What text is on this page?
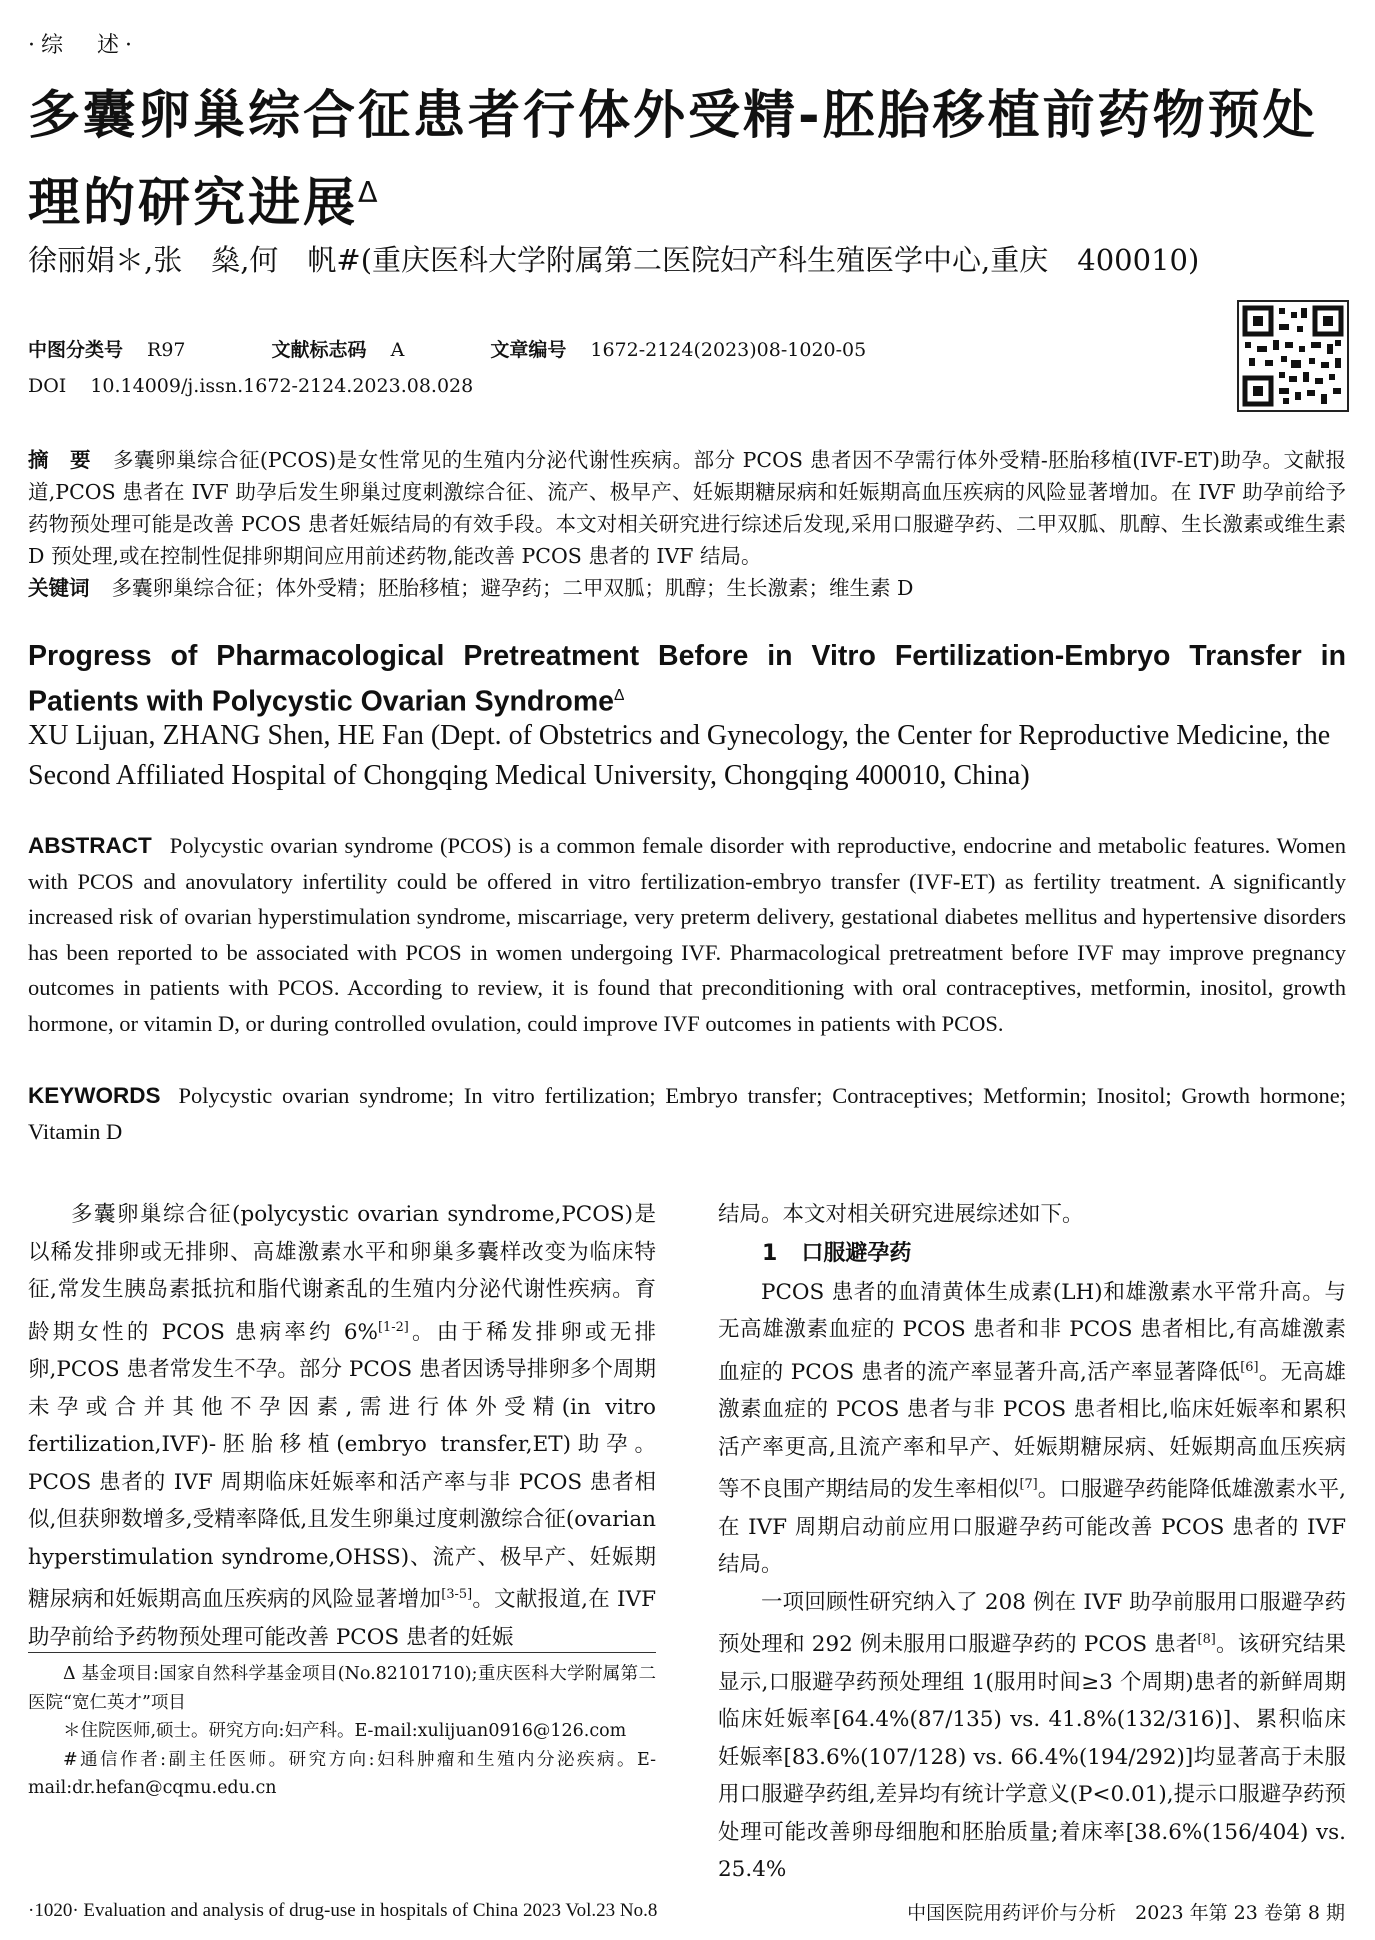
·综　述·
多囊卵巢综合征患者行体外受精-胚胎移植前药物预处理的研究进展$^\Delta$
徐丽娟＊,张　燊,何　帆#(重庆医科大学附属第二医院妇产科生殖医学中心,重庆　400010)
中图分类号 R97	文献标志码 A	文章编号 1672-2124(2023)08-1020-05
DOI 10.14009/j.issn.1672-2124.2023.08.028
摘　要 多囊卵巢综合征(PCOS)是女性常见的生殖内分泌代谢性疾病。部分 PCOS 患者因不孕需行体外受精-胚胎移植(IVF-ET)助孕。文献报道,PCOS 患者在 IVF 助孕后发生卵巢过度刺激综合征、流产、极早产、妊娠期糖尿病和妊娠期高血压疾病的风险显著增加。在 IVF 助孕前给予药物预处理可能是改善 PCOS 患者妊娠结局的有效手段。本文对相关研究进行综述后发现,采用口服避孕药、二甲双胍、肌醇、生长激素或维生素 D 预处理,或在控制性促排卵期间应用前述药物,能改善 PCOS 患者的 IVF 结局。
关键词 多囊卵巢综合征；体外受精；胚胎移植；避孕药；二甲双胍；肌醇；生长激素；维生素 D
Progress of Pharmacological Pretreatment Before in Vitro Fertilization-Embryo Transfer in Patients with Polycystic Ovarian Syndrome$^\Delta$
XU Lijuan, ZHANG Shen, HE Fan (Dept. of Obstetrics and Gynecology, the Center for Reproductive Medicine, the Second Affiliated Hospital of Chongqing Medical University, Chongqing 400010, China)
ABSTRACT Polycystic ovarian syndrome (PCOS) is a common female disorder with reproductive, endocrine and metabolic features. Women with PCOS and anovulatory infertility could be offered in vitro fertilization-embryo transfer (IVF-ET) as fertility treatment. A significantly increased risk of ovarian hyperstimulation syndrome, miscarriage, very preterm delivery, gestational diabetes mellitus and hypertensive disorders has been reported to be associated with PCOS in women undergoing IVF. Pharmacological pretreatment before IVF may improve pregnancy outcomes in patients with PCOS. According to review, it is found that preconditioning with oral contraceptives, metformin, inositol, growth hormone, or vitamin D, or during controlled ovulation, could improve IVF outcomes in patients with PCOS.
KEYWORDS Polycystic ovarian syndrome; In vitro fertilization; Embryo transfer; Contraceptives; Metformin; Inositol; Growth hormone; Vitamin D

多囊卵巢综合征(polycystic ovarian syndrome,PCOS)是以稀发排卵或无排卵、高雄激素水平和卵巢多囊样改变为临床特征,常发生胰岛素抵抗和脂代谢紊乱的生殖内分泌代谢性疾病。育龄期女性的 PCOS 患病率约 6%[1-2]。由于稀发排卵或无排卵,PCOS 患者常发生不孕。部分 PCOS 患者因诱导排卵多个周期未孕或合并其他不孕因素,需进行体外受精(in vitro fertilization,IVF)-胚胎移植(embryo transfer,ET)助孕。PCOS 患者的 IVF 周期临床妊娠率和活产率与非 PCOS 患者相似,但获卵数增多,受精率降低,且发生卵巢过度刺激综合征(ovarian hyperstimulation syndrome,OHSS)、流产、极早产、妊娠期糖尿病和妊娠期高血压疾病的风险显著增加[3-5]。文献报道,在 IVF 助孕前给予药物预处理可能改善 PCOS 患者的妊娠

Δ 基金项目:国家自然科学基金项目(No.82101710);重庆医科大学附属第二医院“宽仁英才”项目

＊住院医师,硕士。研究方向:妇产科。E-mail:xulijuan0916@126.com

#通信作者:副主任医师。研究方向:妇科肿瘤和生殖内分泌疾病。E-mail:dr.hefan@cqmu.edu.cn

结局。本文对相关研究进展综述如下。

1 口服避孕药

PCOS 患者的血清黄体生成素(LH)和雄激素水平常升高。与无高雄激素血症的 PCOS 患者和非 PCOS 患者相比,有高雄激素血症的 PCOS 患者的流产率显著升高,活产率显著降低[6]。无高雄激素血症的 PCOS 患者与非 PCOS 患者相比,临床妊娠率和累积活产率更高,且流产率和早产、妊娠期糖尿病、妊娠期高血压疾病等不良围产期结局的发生率相似[7]。口服避孕药能降低雄激素水平,在 IVF 周期启动前应用口服避孕药可能改善 PCOS 患者的 IVF 结局。

一项回顾性研究纳入了 208 例在 IVF 助孕前服用口服避孕药预处理和 292 例未服用口服避孕药的 PCOS 患者[8]。该研究结果显示,口服避孕药预处理组 1(服用时间≥3 个周期)患者的新鲜周期临床妊娠率[64.4%(87/135) vs. 41.8%(132/316)]、累积临床妊娠率[83.6%(107/128) vs. 66.4%(194/292)]均显著高于未服用口服避孕药组,差异均有统计学意义(P<0.01),提示口服避孕药预处理可能改善卵母细胞和胚胎质量;着床率[38.6%(156/404) vs. 25.4%

·1020· Evaluation and analysis of drug-use in hospitals of China 2023 Vol.23 No.8	中国医院用药评价与分析　2023 年第 23 卷第 8 期
